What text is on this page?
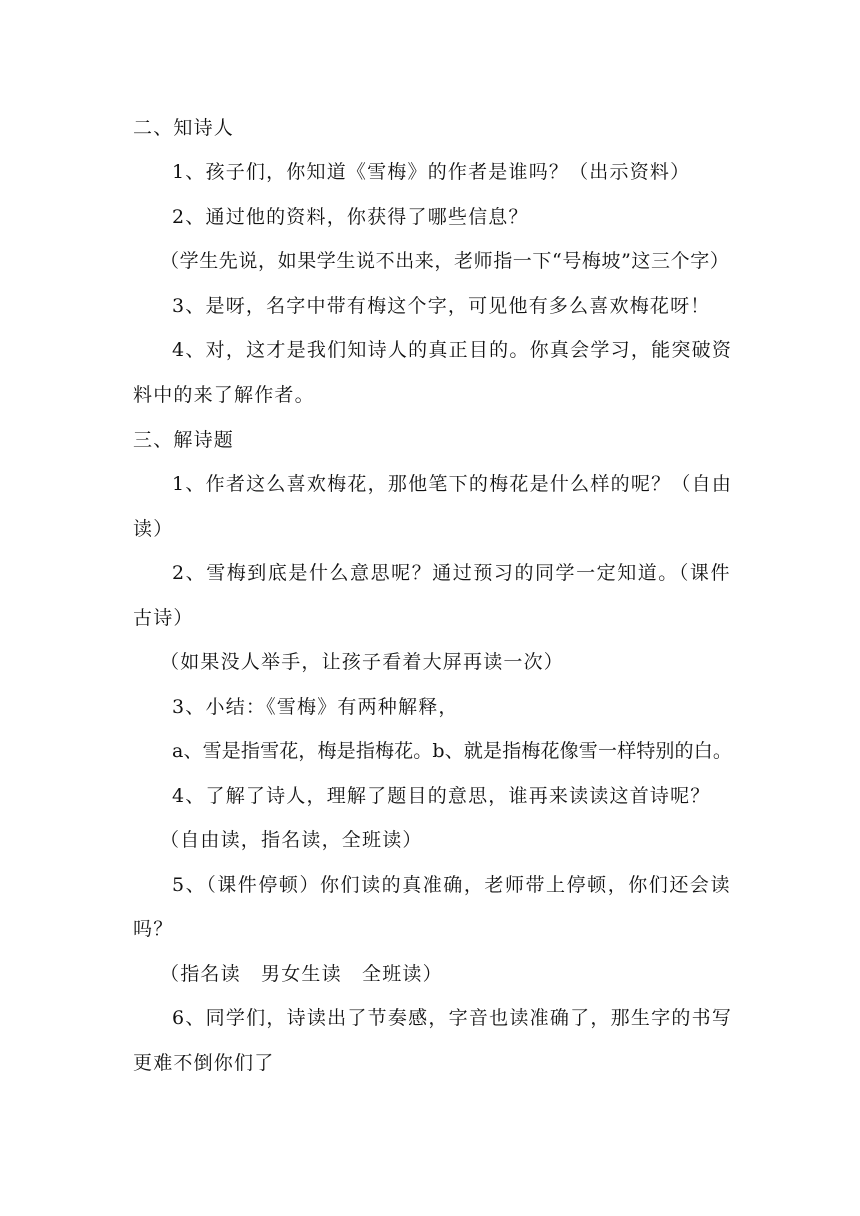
二、知诗人
1、孩子们，你知道《雪梅》的作者是谁吗？（出示资料）
2、通过他的资料，你获得了哪些信息？
（学生先说，如果学生说不出来，老师指一下“号梅坡”这三个字）
3、是呀，名字中带有梅这个字，可见他有多么喜欢梅花呀！
4、对，这才是我们知诗人的真正目的。你真会学习，能突破资
料中的来了解作者。
三、解诗题
1、作者这么喜欢梅花，那他笔下的梅花是什么样的呢？（自由
读）
2、雪梅到底是什么意思呢？通过预习的同学一定知道。（课件
古诗）
（如果没人举手，让孩子看着大屏再读一次）
3、小结：《雪梅》有两种解释，
a、雪是指雪花，梅是指梅花。b、就是指梅花像雪一样特别的白。
4、了解了诗人，理解了题目的意思，谁再来读读这首诗呢？
（自由读，指名读，全班读）
5、（课件停顿）你们读的真准确，老师带上停顿，你们还会读
吗？
（指名读　男女生读　全班读）
6、同学们，诗读出了节奏感，字音也读准确了，那生字的书写
更难不倒你们了
